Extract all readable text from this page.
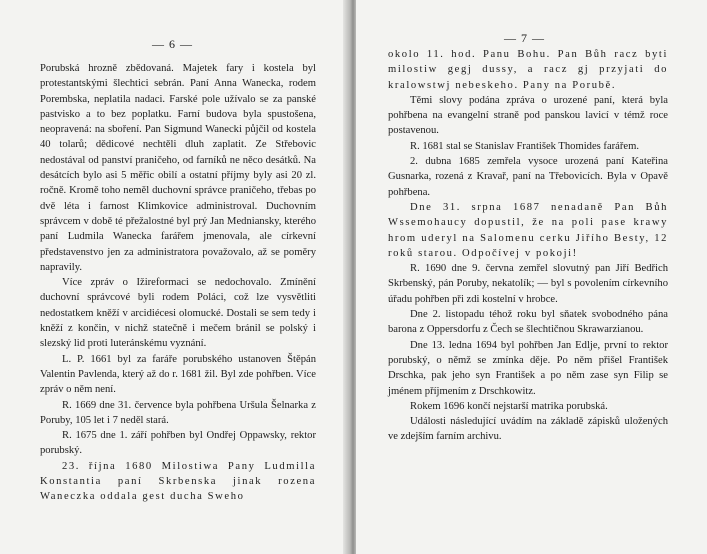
— 6 —

Porubská hrozně zbědovaná. Majetek fary i kostela byl protestantskými šlechtici sebrán. Paní Anna Wanecka, rodem Porembska, neplatila nadaci. Farské pole užívalo se za panské pastvisko a to bez poplatku. Farní budova byla spustošena, neopravená: na sboření. Pan Sigmund Wanecki půjčil od kostela 40 tolarů; dědicové nechtěli dluh zaplatit. Ze Střebovic nedostával od panství praničeho, od farníků ne něco desátků. Na desátcích bylo asi 5 měřic obilí a ostatní příjmy byly asi 20 zl. ročně. Kromě toho neměl duchovní správce praničeho, třebas po dvě léta i farnost Klimkovice administroval. Duchovním správcem v době té přežalostné byl prý Jan Medniansky, kterého paní Ludmila Wanecka farářem jmenovala, ale církevní představenstvo jen za administratora považovalo, až se poměry napravily.

Více zpráv o Ižireformaci se nedochovalo. Zmínění duchovní správcové byli rodem Poláci, což lze vysvětliti nedostatkem kněží v arcidiécesi olomucké. Dostali se sem tedy i kněží z končin, v nichž statečně i mečem bránil se polský i slezský lid proti luteránskému vyznání.

L. P. 1661 byl za faráře porubského ustanoven Štěpán Valentin Pavlenda, který až do r. 1681 žil. Byl zde pohřben. Více zpráv o něm není.

R. 1669 dne 31. července byla pohřbena Uršula Šelnarka z Poruby, 105 let i 7 neděl stará.

R. 1675 dne 1. září pohřben byl Ondřej Oppawsky, rektor porubský.

23. října 1680 Milostiwa Pany Ludmilla Konstantia paní Skrbenska jinak rozena Waneczka oddala gest ducha Sweho

— 7 —

okolo 11. hod. Panu Bohu. Pan Bůh racz byti milostiw gegj dussy, a racz gj przyjati do kralowstwj nebeskeho. Pany na Porubě.

Těmi slovy podána zpráva o urozené paní, která byla pohřbena na evangelní straně pod panskou lavicí v témž roce postavenou.

R. 1681 stal se Stanislav František Thomides farářem.

2. dubna 1685 zemřela vysoce urozená paní Kateřina Gusnarka, rozená z Kravař, paní na Třebovicích. Byla v Opavě pohřbena.

Dne 31. srpna 1687 nenadaně Pan Bůh Wssemohaucy dopustil, že na poli pase krawy hrom uderyl na Salomenu cerku Jiřího Besty, 12 roků starou. Odpočívej v pokoji!

R. 1690 dne 9. června zemřel slovutný pan Jiří Bedřich Skrbenský, pán Poruby, nekatolík; — byl s povolením církevního úřadu pohřben při zdi kostelní v hrobce.

Dne 2. listopadu téhož roku byl sňatek svobodného pána barona z Oppersdorfu z Čech se šlechtičnou Skrawarzianou.

Dne 13. ledna 1694 byl pohřben Jan Edlje, první to rektor porubský, o němž se zmínka děje. Po něm přišel František Drschka, pak jeho syn František a po něm zase syn Filip se jménem příjmením z Drschkowitz.

Rokem 1696 končí nejstarší matrika porubská.

Události následující uvádím na základě zápisků uložených ve zdejším farním archivu.
